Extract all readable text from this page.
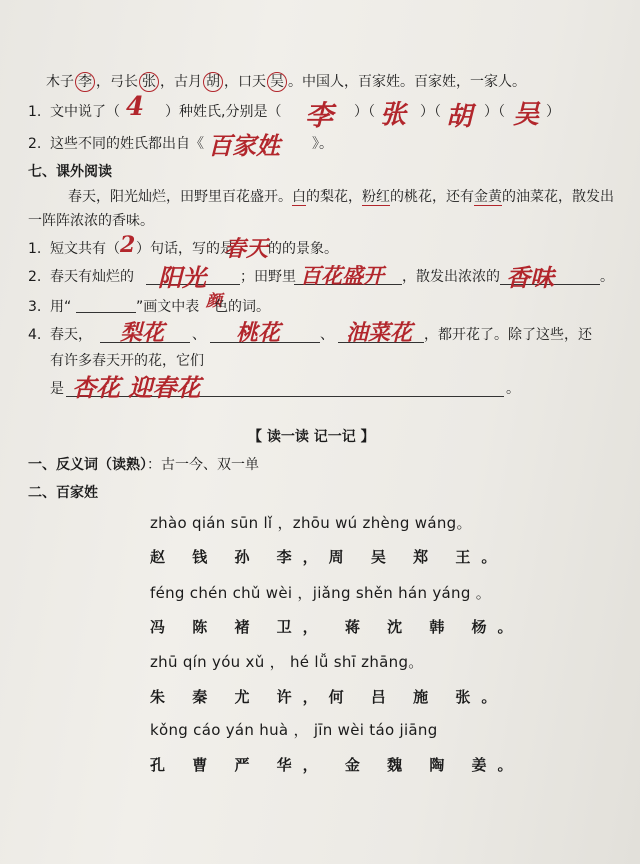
木子 李 ，弓长 张 ，古月 胡 ，口天 吴 。中国人，百家姓。百家姓，一家人。
1. 文中说了（ 4 ）种姓氏,分别是（ 李 ）（ 张 ）（ 胡 ）（ 吴 ）
2. 这些不同的姓氏都出自《 百家姓 》。
七、课外阅读
春天，阳光灿烂，田野里百花盛开。白的梨花，粉红的桃花，还有金黄的油菜花，散发出
一阵阵浓浓的香味。
1. 短文共有（ 2 ）句话，写的是
春天 的的景象。
2. 春天有灿烂的 阳光 ；田野里 百花盛开 ，散发出浓浓的 香味	。
3. 用“	”画文中表 颜
色的词。
4. 春天， 梨花 、 桃花	、 油菜花 ，都开花了。除了这些，还
有许多春天开的花，它们
是 杏花 迎春花	。
【 读一读 记一记 】
一、反义词（读熟）：古一今、双一单
二、百家姓
zhào qián sūn lǐ ，zhōu wú zhèng wáng。
赵 钱 孙 李，周 吴 郑 王。
féng chén chǔ wèi ，jiǎng shěn hán yáng 。
冯 陈 褚 卫， 蒋 沈 韩 杨。
zhū qín yóu xǔ ， hé lǚ shī zhāng。
朱 秦 尤 许，何 吕 施 张。
kǒng cáo yán huà ， jīn wèi táo jiāng
孔 曹 严 华， 金 魏 陶 姜。
